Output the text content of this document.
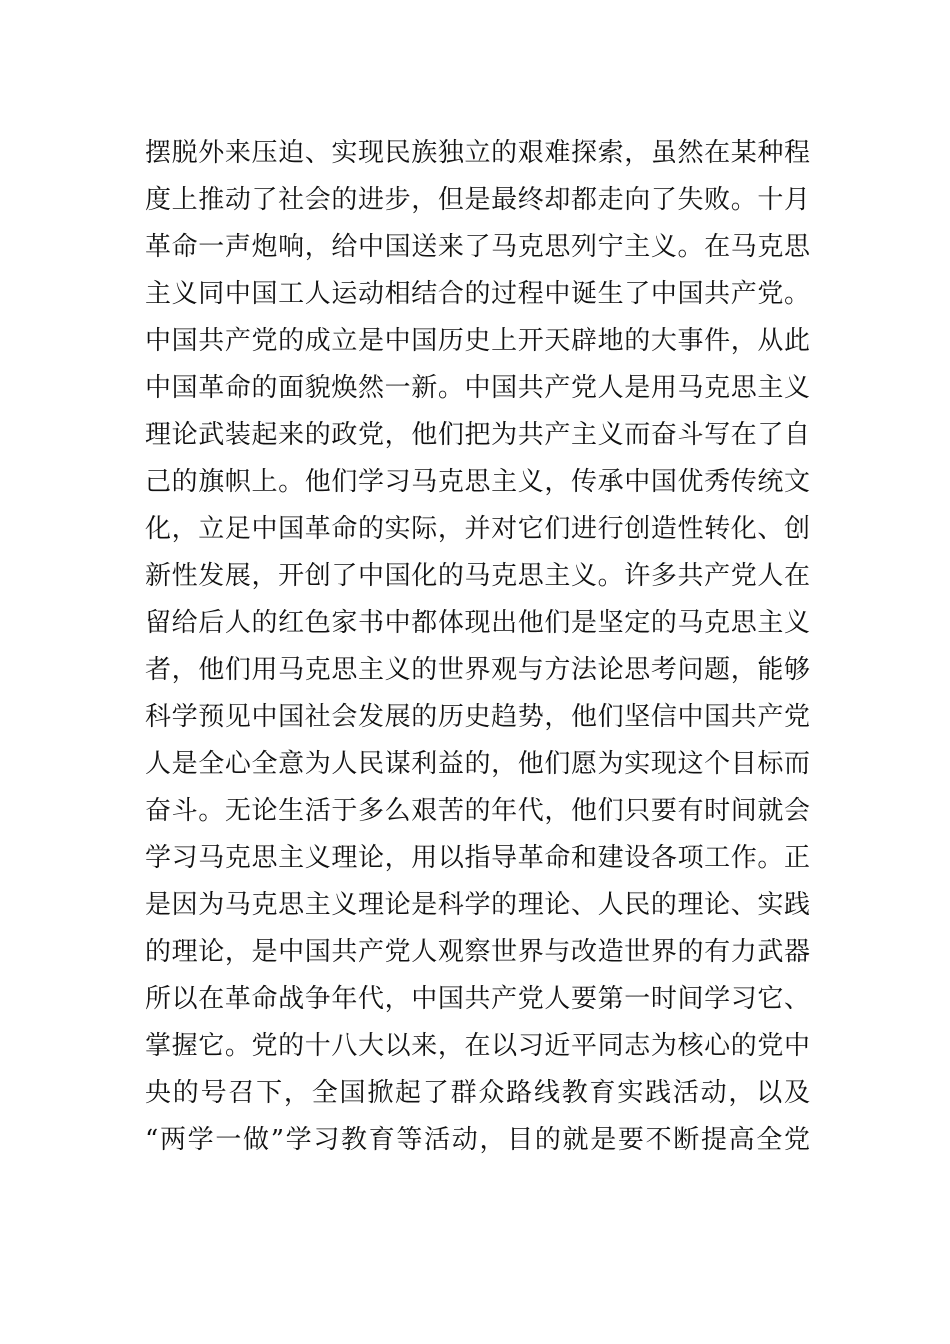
摆脱外来压迫、实现民族独立的艰难探索，虽然在某种程
度上推动了社会的进步，但是最终却都走向了失败。十月
革命一声炮响，给中国送来了马克思列宁主义。在马克思
主义同中国工人运动相结合的过程中诞生了中国共产党。
中国共产党的成立是中国历史上开天辟地的大事件，从此
中国革命的面貌焕然一新。中国共产党人是用马克思主义
理论武装起来的政党，他们把为共产主义而奋斗写在了自
己的旗帜上。他们学习马克思主义，传承中国优秀传统文
化，立足中国革命的实际，并对它们进行创造性转化、创
新性发展，开创了中国化的马克思主义。许多共产党人在
留给后人的红色家书中都体现出他们是坚定的马克思主义
者，他们用马克思主义的世界观与方法论思考问题，能够
科学预见中国社会发展的历史趋势，他们坚信中国共产党
人是全心全意为人民谋利益的，他们愿为实现这个目标而
奋斗。无论生活于多么艰苦的年代，他们只要有时间就会
学习马克思主义理论，用以指导革命和建设各项工作。正
是因为马克思主义理论是科学的理论、人民的理论、实践
的理论，是中国共产党人观察世界与改造世界的有力武器
所以在革命战争年代，中国共产党人要第一时间学习它、
掌握它。党的十八大以来，在以习近平同志为核心的党中
央的号召下，全国掀起了群众路线教育实践活动，以及
“两学一做”学习教育等活动，目的就是要不断提高全党
